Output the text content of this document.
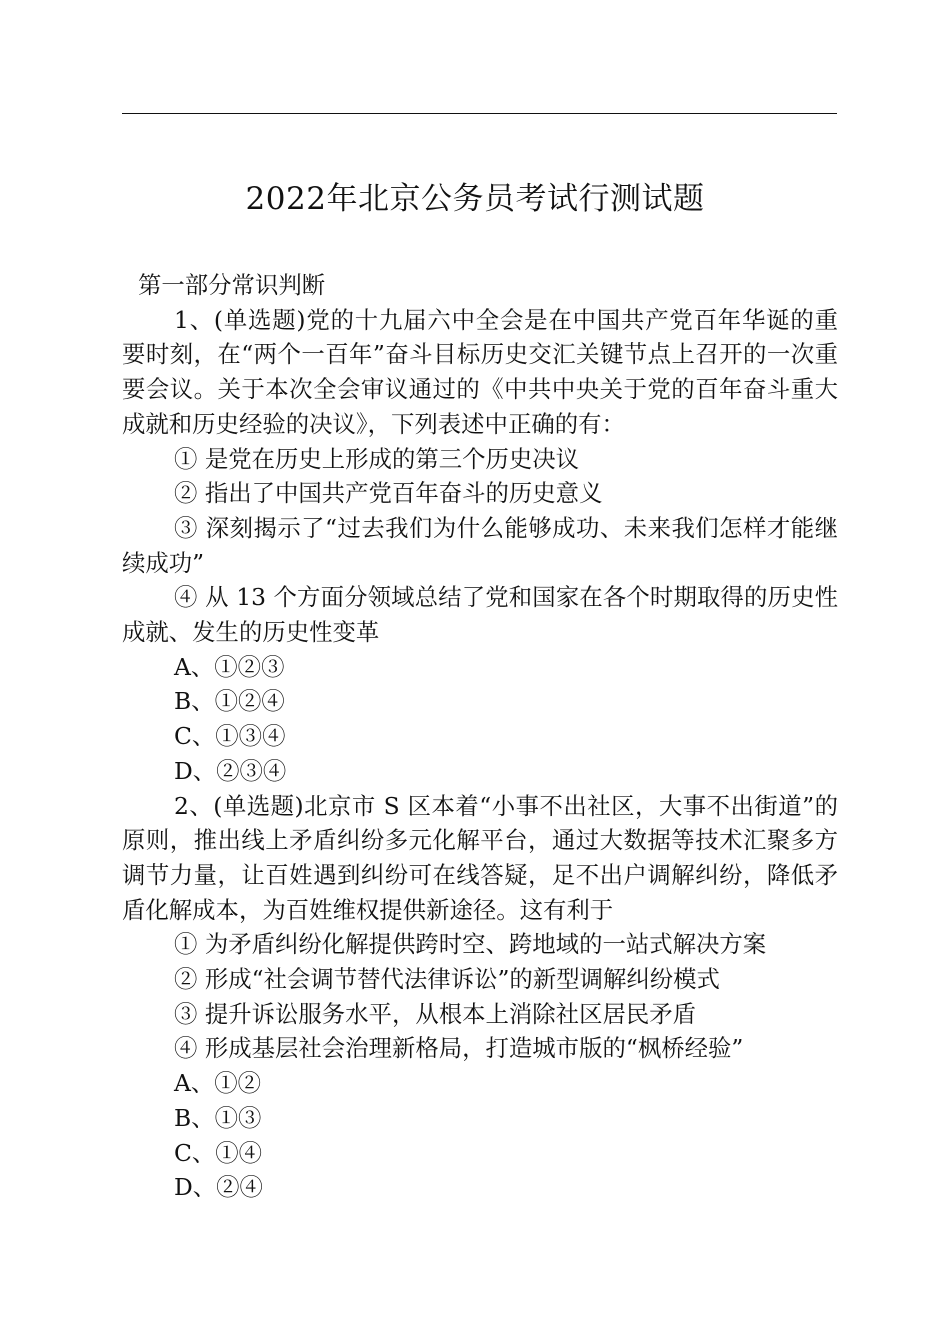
2022年北京公务员考试行测试题

第一部分常识判断

1、(单选题)党的十九届六中全会是在中国共产党百年华诞的重要时刻，在“两个一百年”奋斗目标历史交汇关键节点上召开的一次重要会议。关于本次全会审议通过的《中共中央关于党的百年奋斗重大成就和历史经验的决议》，下列表述中正确的有：

① 是党在历史上形成的第三个历史决议

② 指出了中国共产党百年奋斗的历史意义

③ 深刻揭示了“过去我们为什么能够成功、未来我们怎样才能继续成功”

④ 从 13 个方面分领域总结了党和国家在各个时期取得的历史性成就、发生的历史性变革

A、①②③

B、①②④

C、①③④

D、②③④

2、(单选题)北京市 S 区本着“小事不出社区，大事不出街道”的原则，推出线上矛盾纠纷多元化解平台，通过大数据等技术汇聚多方调节力量，让百姓遇到纠纷可在线答疑，足不出户调解纠纷，降低矛盾化解成本，为百姓维权提供新途径。这有利于

① 为矛盾纠纷化解提供跨时空、跨地域的一站式解决方案

② 形成“社会调节替代法律诉讼”的新型调解纠纷模式

③ 提升诉讼服务水平，从根本上消除社区居民矛盾

④ 形成基层社会治理新格局，打造城市版的“枫桥经验”

A、①②

B、①③

C、①④

D、②④
